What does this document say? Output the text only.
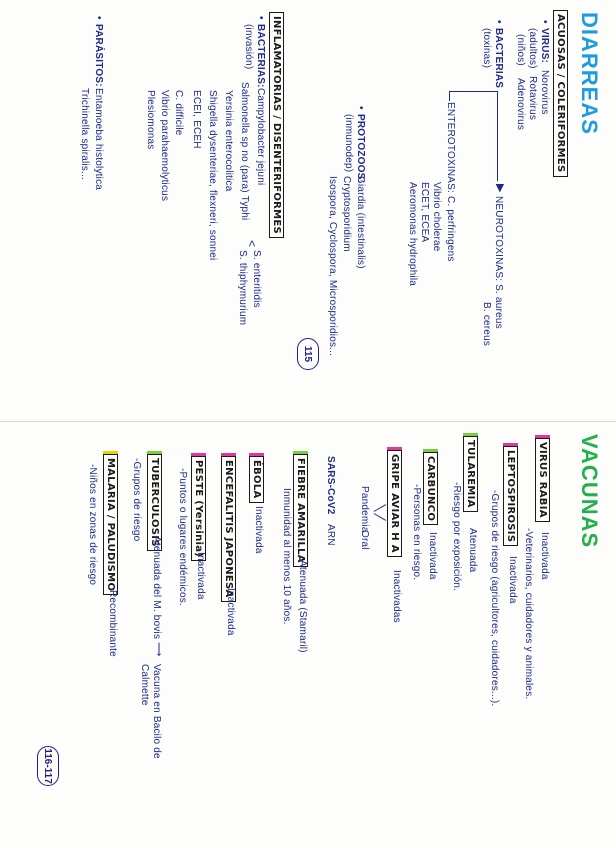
DIARREAS
ACUOSAS / COLERIFORMES
•
VIRUS:
Norovirus
(adultos)
Rotavirus
(niños)
Adenovirus
•
BACTERIAS
(toxinas)
▶
NEUROTOXINAS: S. aureus
B. cereus
ENTEROTOXINAS: C. perfringens
Vibrio cholerae
ECET, ECEA
Aeromonas hydrophila
•
PROTOZOOS:
Giardia (intestinalis)
(inmunodep)
Cryptosporidium
Isospora, Cyclospora, Microsporidios...
•
PARÁSITOS:
Entamoeba histolytica
Trichinella spiralis...	INFLAMATORIAS / DISENTERIFORMES
•
BACTERIAS:
(invasión)
Campylobacter jejuni
Salmonella sp no (para) Typhi
<
S. enteritidis
S. thiphymurium
Yersinia enterocolitica
Shigella dysenteriae, flexneri, sonnei
ECEI, ECEH
C. difficile
Vibrio parahaemolyticus
Plesiomonas
115
VACUNAS
VIRUS RABIA
Inactivada
-Veterinarios, cuidadores y animales.
LEPTOSPIROSIS
Inactivada
-Grupos de riesgo (agricultores, cuidadores...).
TULAREMIA
Atenuada
-Riesgo por exposición.
CARBUNCO
Inactivada
-Personas en riesgo.
GRIPE AVIAR H A
Inactivadas
Pandemia
Oral
SARS-CoV2
ARN
FIEBRE AMARILLA
Atenuada (Stamaril)
Inmunidad al menos 10 años.
ÉBOLA
Inactivada
ENCEFALITIS JAPONESA
Inactivada
PESTE (Yersinia)
Inactivada
-Puntos o lugares endémicos.
TUBERCULOSIS
Atenuada del M. bovis
⟶
Vacuna en Bacilo de Calmette
-Grupos de riesgo
MALARIA / PALUDISMO
Recombinante
-Niños en zonas de riesgo
116-117
